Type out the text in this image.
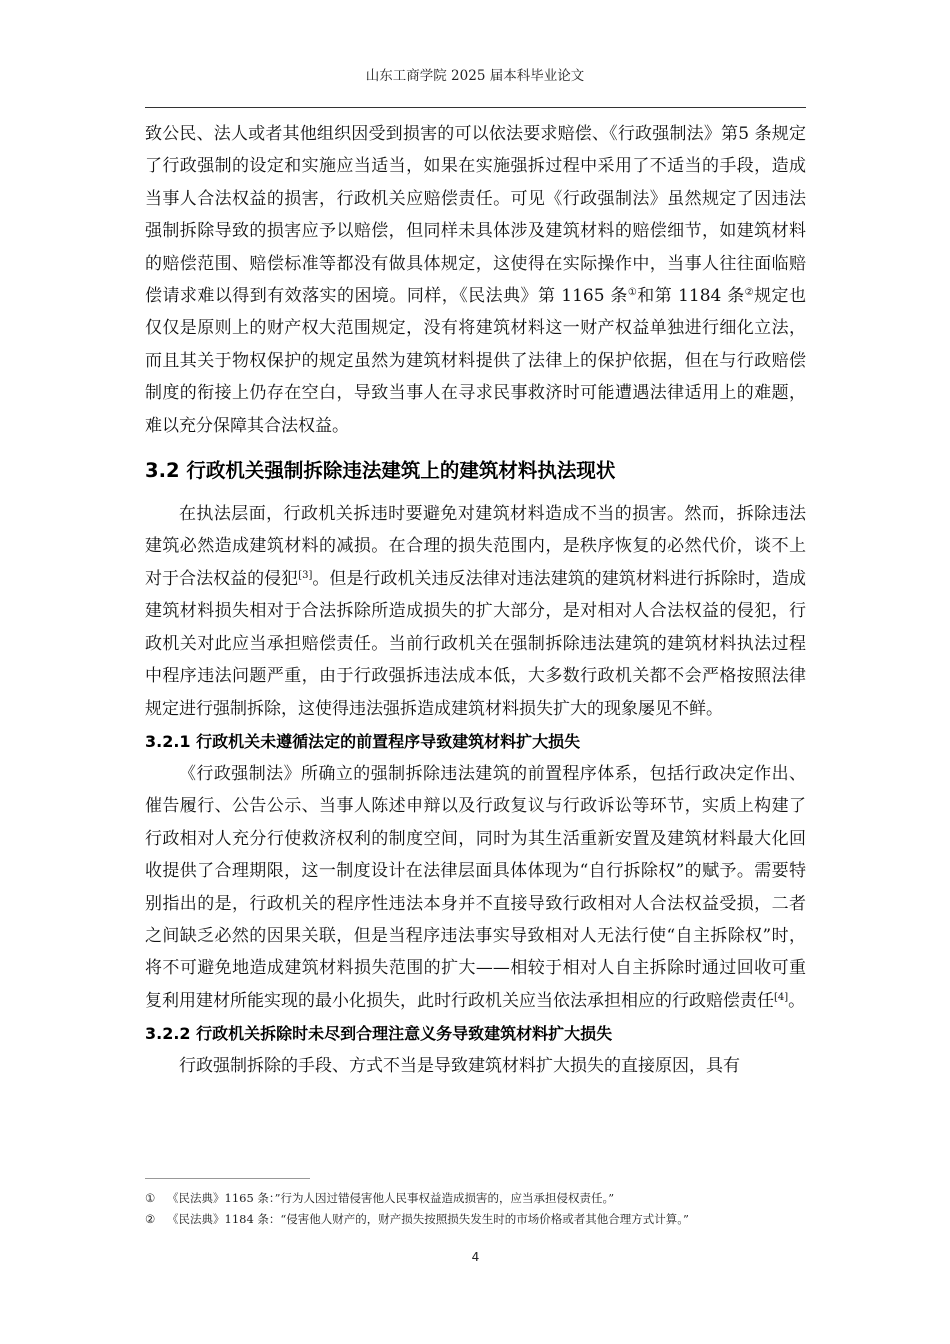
山东工商学院 2025 届本科毕业论文

致公民、法人或者其他组织因受到损害的可以依法要求赔偿、《行政强制法》第5 条规定了行政强制的设定和实施应当适当，如果在实施强拆过程中采用了不适当的手段，造成当事人合法权益的损害，行政机关应赔偿责任。可见《行政强制法》虽然规定了因违法强制拆除导致的损害应予以赔偿，但同样未具体涉及建筑材料的赔偿细节，如建筑材料的赔偿范围、赔偿标准等都没有做具体规定，这使得在实际操作中，当事人往往面临赔偿请求难以得到有效落实的困境。同样，《民法典》第 1165 条①和第 1184 条②规定也仅仅是原则上的财产权大范围规定，没有将建筑材料这一财产权益单独进行细化立法，而且其关于物权保护的规定虽然为建筑材料提供了法律上的保护依据，但在与行政赔偿制度的衔接上仍存在空白，导致当事人在寻求民事救济时可能遭遇法律适用上的难题，难以充分保障其合法权益。

3.2 行政机关强制拆除违法建筑上的建筑材料执法现状

在执法层面，行政机关拆违时要避免对建筑材料造成不当的损害。然而，拆除违法建筑必然造成建筑材料的减损。在合理的损失范围内，是秩序恢复的必然代价，谈不上对于合法权益的侵犯[3]。但是行政机关违反法律对违法建筑的建筑材料进行拆除时，造成建筑材料损失相对于合法拆除所造成损失的扩大部分，是对相对人合法权益的侵犯，行政机关对此应当承担赔偿责任。当前行政机关在强制拆除违法建筑的建筑材料执法过程中程序违法问题严重，由于行政强拆违法成本低，大多数行政机关都不会严格按照法律规定进行强制拆除，这使得违法强拆造成建筑材料损失扩大的现象屡见不鲜。

3.2.1 行政机关未遵循法定的前置程序导致建筑材料扩大损失

《行政强制法》所确立的强制拆除违法建筑的前置程序体系，包括行政决定作出、催告履行、公告公示、当事人陈述申辩以及行政复议与行政诉讼等环节，实质上构建了行政相对人充分行使救济权利的制度空间，同时为其生活重新安置及建筑材料最大化回收提供了合理期限，这一制度设计在法律层面具体体现为“自行拆除权”的赋予。需要特别指出的是，行政机关的程序性违法本身并不直接导致行政相对人合法权益受损，二者之间缺乏必然的因果关联，但是当程序违法事实导致相对人无法行使“自主拆除权”时，将不可避免地造成建筑材料损失范围的扩大——相较于相对人自主拆除时通过回收可重复利用建材所能实现的最小化损失，此时行政机关应当依法承担相应的行政赔偿责任[4]。

3.2.2 行政机关拆除时未尽到合理注意义务导致建筑材料扩大损失

行政强制拆除的手段、方式不当是导致建筑材料扩大损失的直接原因，具有

① 《民法典》1165 条：”行为人因过错侵害他人民事权益造成损害的，应当承担侵权责任。”

② 《民法典》1184 条：“侵害他人财产的，财产损失按照损失发生时的市场价格或者其他合理方式计算。”

4
